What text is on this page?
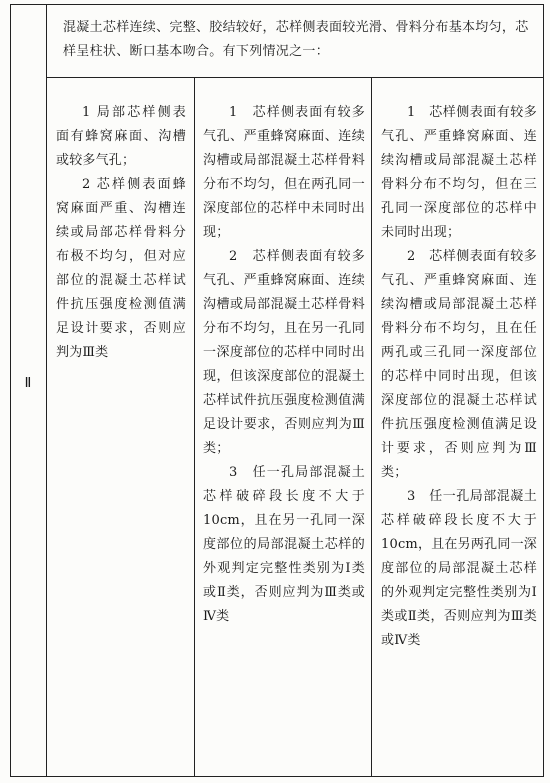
混凝土芯样连续、完整、胶结较好，芯样侧表面较光滑、骨料分布基本均匀，芯样呈柱状、断口基本吻合。有下列情况之一：
Ⅱ

1 局部芯样侧表面有蜂窝麻面、沟槽或较多气孔；

2 芯样侧表面蜂窝麻面严重、沟槽连续或局部芯样骨料分布极不均匀，但对应部位的混凝土芯样试件抗压强度检测值满足设计要求，否则应判为Ⅲ类

1　芯样侧表面有较多气孔、严重蜂窝麻面、连续沟槽或局部混凝土芯样骨料分布不均匀，但在两孔同一深度部位的芯样中未同时出现；

2　芯样侧表面有较多气孔、严重蜂窝麻面、连续沟槽或局部混凝土芯样骨料分布不均匀，且在另一孔同一深度部位的芯样中同时出现，但该深度部位的混凝土芯样试件抗压强度检测值满足设计要求，否则应判为Ⅲ类；

3　任一孔局部混凝土芯样破碎段长度不大于10cm，且在另一孔同一深度部位的局部混凝土芯样的外观判定完整性类别为Ⅰ类或Ⅱ类，否则应判为Ⅲ类或Ⅳ类

1　芯样侧表面有较多气孔、严重蜂窝麻面、连续沟槽或局部混凝土芯样骨料分布不均匀，但在三孔同一深度部位的芯样中未同时出现；

2　芯样侧表面有较多气孔、严重蜂窝麻面、连续沟槽或局部混凝土芯样骨料分布不均匀，且在任两孔或三孔同一深度部位的芯样中同时出现，但该深度部位的混凝土芯样试件抗压强度检测值满足设计要求，否则应判为Ⅲ类；

3　任一孔局部混凝土芯样破碎段长度不大于10cm，且在另两孔同一深度部位的局部混凝土芯样的外观判定完整性类别为Ⅰ类或Ⅱ类，否则应判为Ⅲ类或Ⅳ类
